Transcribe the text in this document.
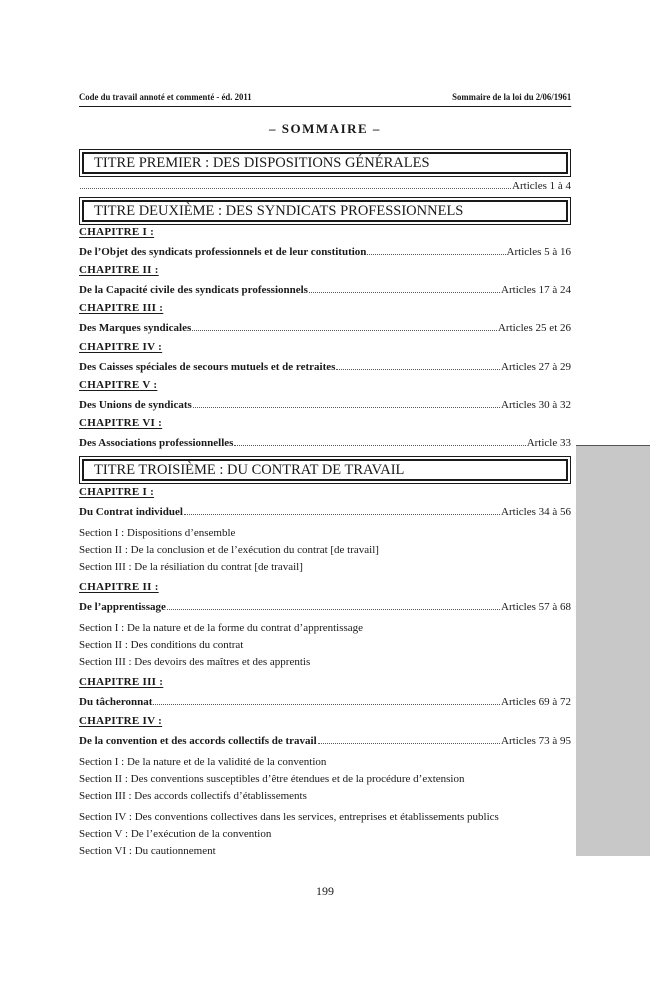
Code du travail annoté et commenté - éd. 2011	Sommaire de la loi du 2/06/1961
– SOMMAIRE –
TITRE PREMIER : DES DISPOSITIONS GÉNÉRALES
Articles 1 à 4
TITRE DEUXIÈME : DES SYNDICATS PROFESSIONNELS
CHAPITRE I :
De l’Objet des syndicats professionnels et de leur constitution	Articles 5 à 16
CHAPITRE II :
De la Capacité civile des syndicats professionnels	Articles 17 à 24
CHAPITRE III :
Des Marques syndicales	Articles 25 et 26
CHAPITRE IV :
Des Caisses spéciales de secours mutuels et de retraites	Articles 27 à 29
CHAPITRE V :
Des Unions de syndicats	Articles 30 à 32
CHAPITRE VI :
Des Associations professionnelles	Article 33
TITRE TROISIÈME : DU CONTRAT DE TRAVAIL
CHAPITRE I :
Du Contrat individuel	Articles 34 à 56
Section I : Dispositions d’ensemble
Section II : De la conclusion et de l’exécution du contrat [de travail]
Section III : De la résiliation du contrat [de travail]
CHAPITRE II :
De l’apprentissage	Articles 57 à 68
Section I : De la nature et de la forme du contrat d’apprentissage
Section II : Des conditions du contrat
Section III : Des devoirs des maîtres et des apprentis
CHAPITRE III :
Du tâcheronnat	Articles 69 à 72
CHAPITRE IV :
De la convention et des accords collectifs de travail	Articles 73 à 95
Section I : De la nature et de la validité de la convention
Section II : Des conventions susceptibles d’être étendues et de la procédure d’extension
Section III : Des accords collectifs d’établissements
Section IV : Des conventions collectives dans les services, entreprises et établissements publics
Section V : De l’exécution de la convention
Section VI : Du cautionnement
199
